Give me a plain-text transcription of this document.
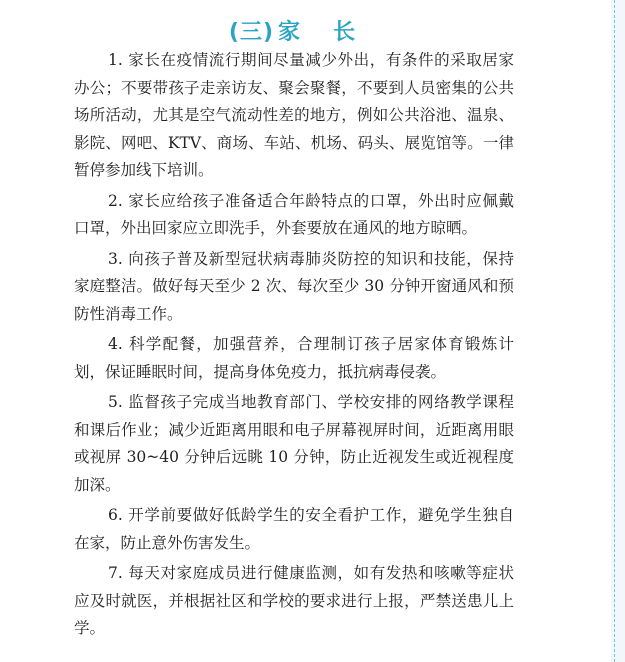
(三) 家 长

1. 家长在疫情流行期间尽量减少外出，有条件的采取居家办公；不要带孩子走亲访友、聚会聚餐，不要到人员密集的公共场所活动，尤其是空气流动性差的地方，例如公共浴池、温泉、影院、网吧、KTV、商场、车站、机场、码头、展览馆等。一律暂停参加线下培训。

2. 家长应给孩子准备适合年龄特点的口罩，外出时应佩戴口罩，外出回家应立即洗手，外套要放在通风的地方晾晒。

3. 向孩子普及新型冠状病毒肺炎防控的知识和技能，保持家庭整洁。做好每天至少 2 次、每次至少 30 分钟开窗通风和预防性消毒工作。

4. 科学配餐，加强营养，合理制订孩子居家体育锻炼计划，保证睡眠时间，提高身体免疫力，抵抗病毒侵袭。

5. 监督孩子完成当地教育部门、学校安排的网络教学课程和课后作业；减少近距离用眼和电子屏幕视屏时间，近距离用眼或视屏 30~40 分钟后远眺 10 分钟，防止近视发生或近视程度加深。

6. 开学前要做好低龄学生的安全看护工作，避免学生独自在家，防止意外伤害发生。

7. 每天对家庭成员进行健康监测，如有发热和咳嗽等症状应及时就医，并根据社区和学校的要求进行上报，严禁送患儿上学。
